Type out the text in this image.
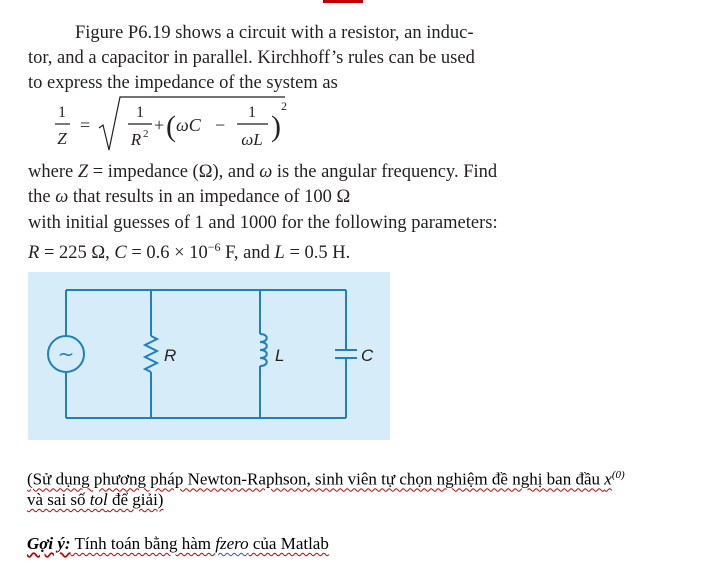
Figure P6.19 shows a circuit with a resistor, an induc-
tor, and a capacitor in parallel. Kirchhoff’s rules can be used
to express the impedance of the system as
1
Z
=
1
R 2 + ( ωC −
1
ωL )
2
where Z = impedance (Ω), and ω is the angular frequency. Find
the ω that results in an impedance of 100 Ω
with initial guesses of 1 and 1000 for the following parameters:
R = 225 Ω, $C = 0.6 \times 10^{-6}$ F, and L = 0.5 H.
~	R	L	C
(Sử dụng phương pháp Newton-Raphson, sinh viên tự chọn nghiệm đề nghị ban đầu $x^{(0)}$
và sai số tol để giải)
Gợi ý: Tính toán bằng hàm fzero của Matlab
